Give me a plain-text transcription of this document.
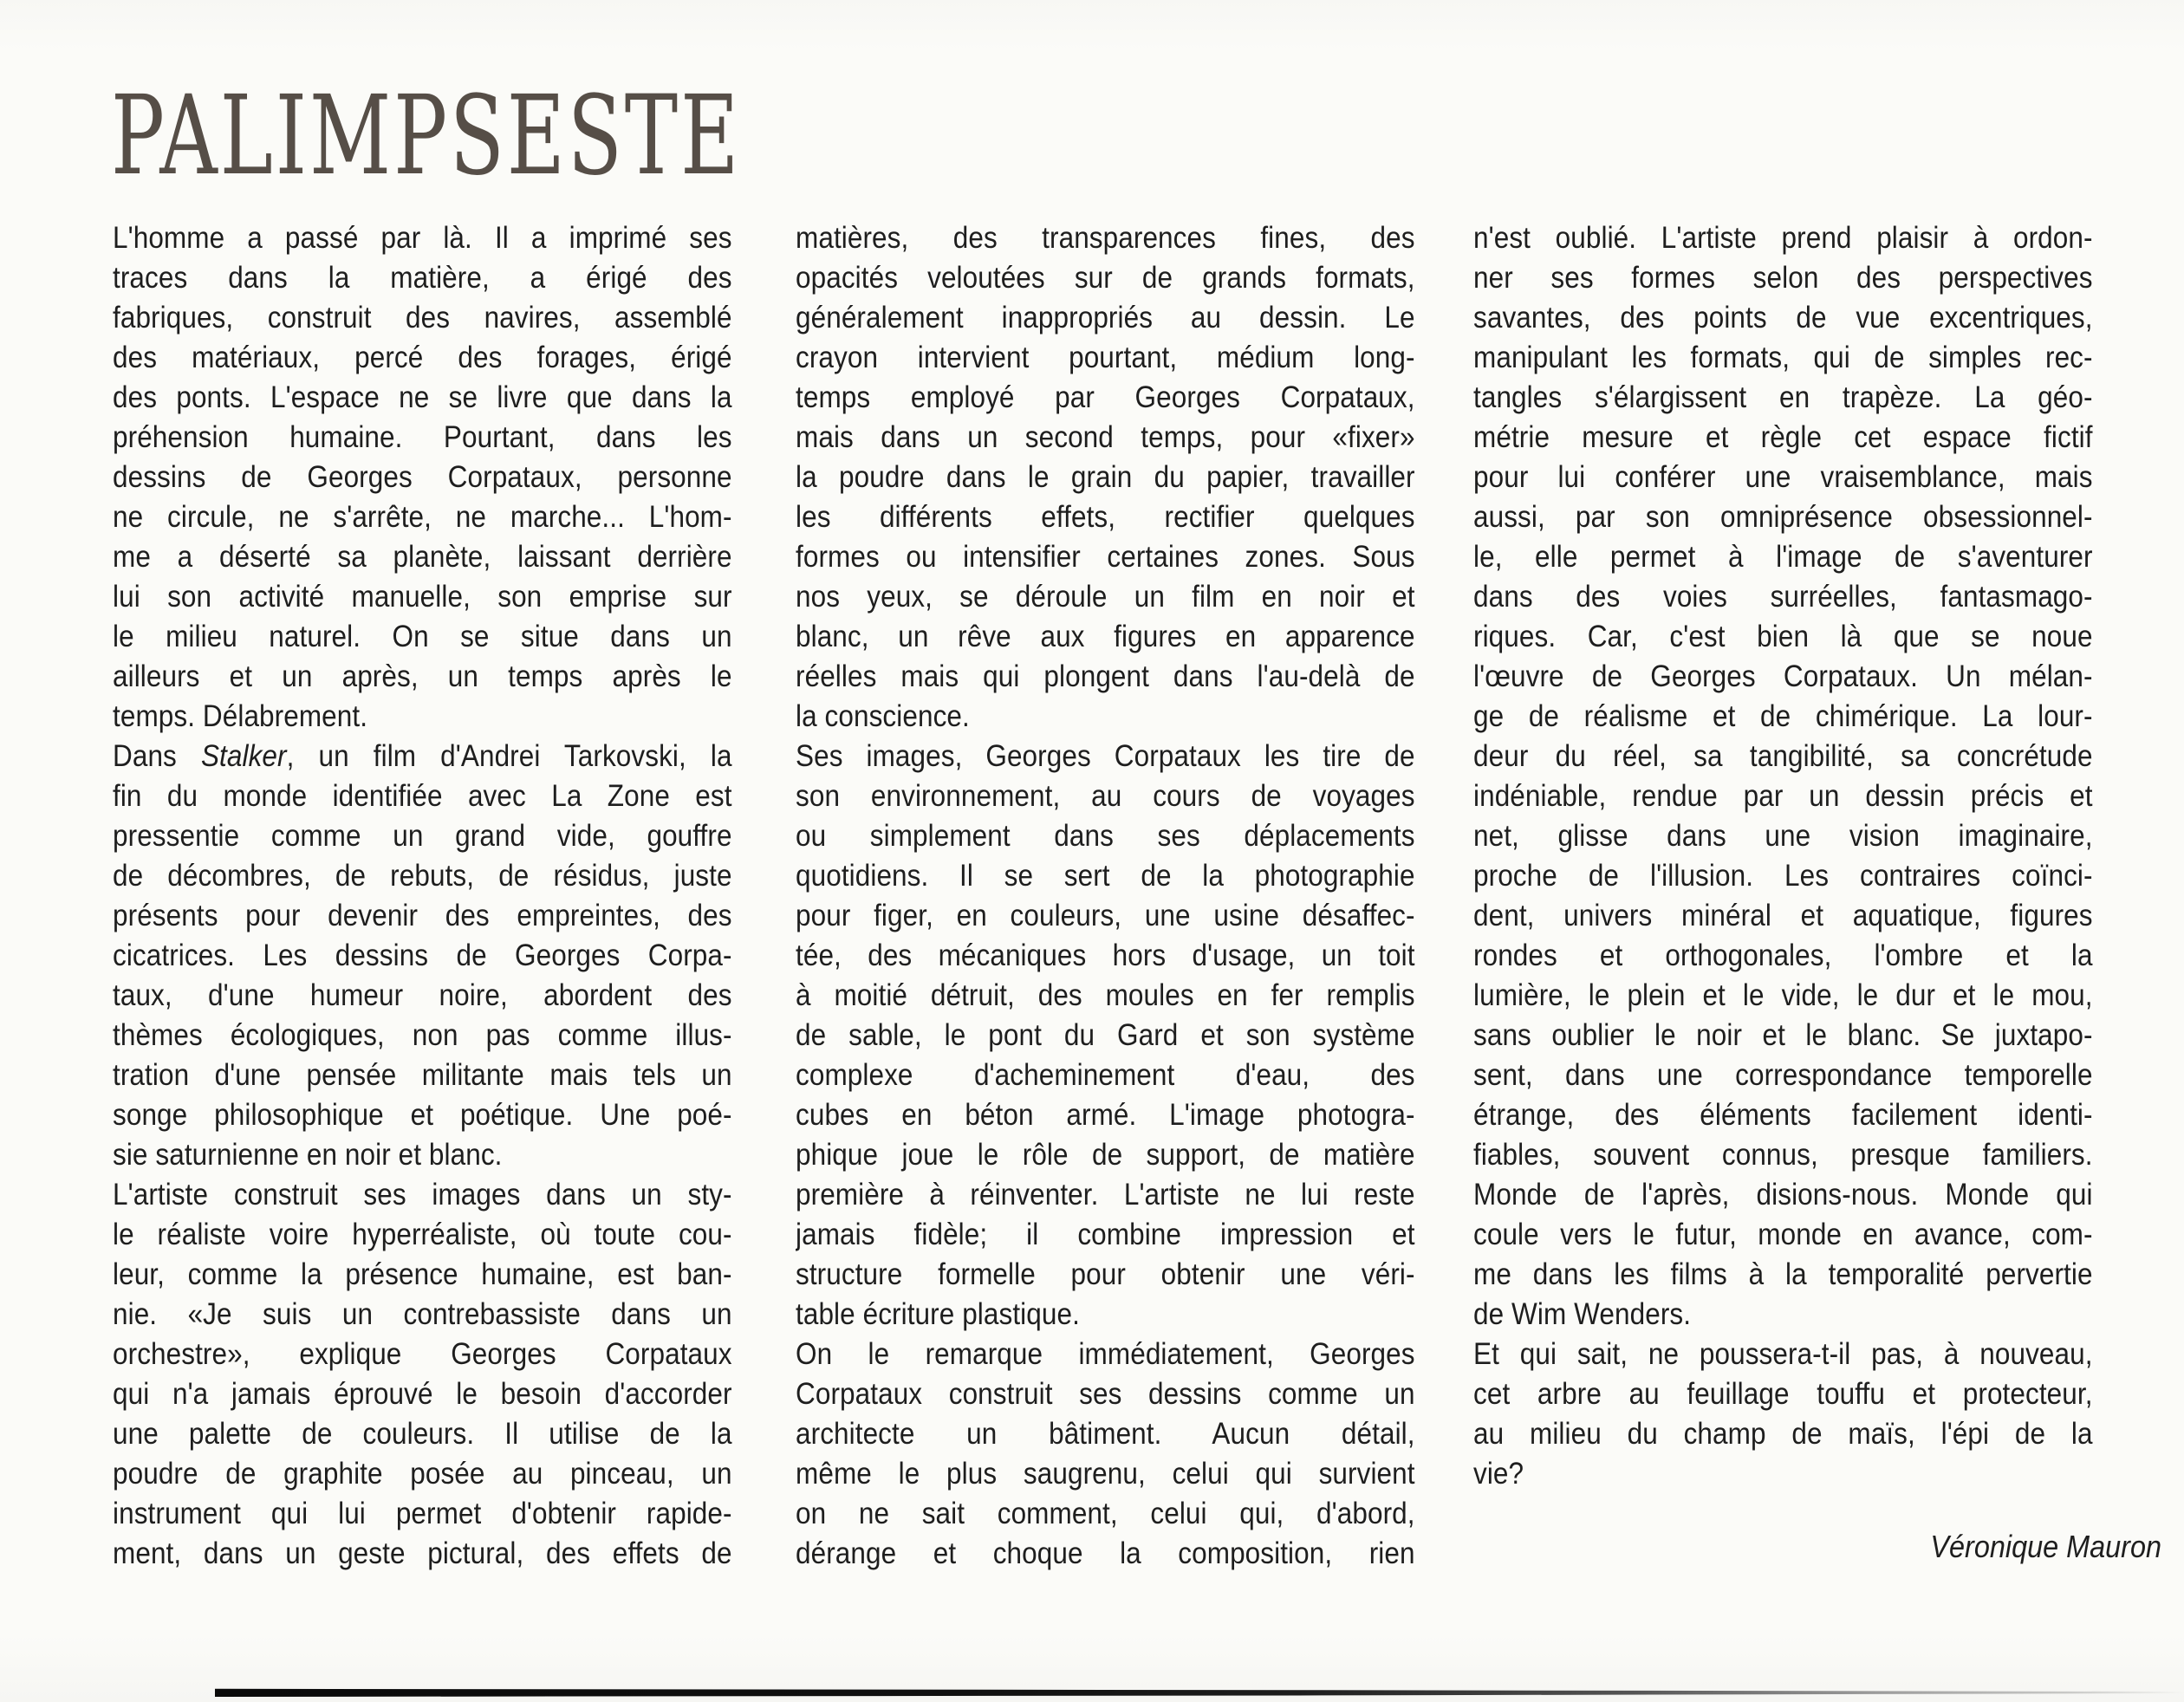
PALIMPSESTE
L'homme a passé par là. Il a imprimé ses
traces dans la matière, a érigé des
fabriques, construit des navires, assemblé
des matériaux, percé des forages, érigé
des ponts. L'espace ne se livre que dans la
préhension humaine. Pourtant, dans les
dessins de Georges Corpataux, personne
ne circule, ne s'arrête, ne marche... L'hom-
me a déserté sa planète, laissant derrière
lui son activité manuelle, son emprise sur
le milieu naturel. On se situe dans un
ailleurs et un après, un temps après le
temps. Délabrement.
Dans Stalker, un film d'Andrei Tarkovski, la
fin du monde identifiée avec La Zone est
pressentie comme un grand vide, gouffre
de décombres, de rebuts, de résidus, juste
présents pour devenir des empreintes, des
cicatrices. Les dessins de Georges Corpa-
taux, d'une humeur noire, abordent des
thèmes écologiques, non pas comme illus-
tration d'une pensée militante mais tels un
songe philosophique et poétique. Une poé-
sie saturnienne en noir et blanc.
L'artiste construit ses images dans un sty-
le réaliste voire hyperréaliste, où toute cou-
leur, comme la présence humaine, est ban-
nie. «Je suis un contrebassiste dans un
orchestre», explique Georges Corpataux
qui n'a jamais éprouvé le besoin d'accorder
une palette de couleurs. Il utilise de la
poudre de graphite posée au pinceau, un
instrument qui lui permet d'obtenir rapide-
ment, dans un geste pictural, des effets de
matières, des transparences fines, des
opacités veloutées sur de grands formats,
généralement inappropriés au dessin. Le
crayon intervient pourtant, médium long-
temps employé par Georges Corpataux,
mais dans un second temps, pour «fixer»
la poudre dans le grain du papier, travailler
les différents effets, rectifier quelques
formes ou intensifier certaines zones. Sous
nos yeux, se déroule un film en noir et
blanc, un rêve aux figures en apparence
réelles mais qui plongent dans l'au-delà de
la conscience.
Ses images, Georges Corpataux les tire de
son environnement, au cours de voyages
ou simplement dans ses déplacements
quotidiens. Il se sert de la photographie
pour figer, en couleurs, une usine désaffec-
tée, des mécaniques hors d'usage, un toit
à moitié détruit, des moules en fer remplis
de sable, le pont du Gard et son système
complexe d'acheminement d'eau, des
cubes en béton armé. L'image photogra-
phique joue le rôle de support, de matière
première à réinventer. L'artiste ne lui reste
jamais fidèle; il combine impression et
structure formelle pour obtenir une véri-
table écriture plastique.
On le remarque immédiatement, Georges
Corpataux construit ses dessins comme un
architecte un bâtiment. Aucun détail,
même le plus saugrenu, celui qui survient
on ne sait comment, celui qui, d'abord,
dérange et choque la composition, rien
n'est oublié. L'artiste prend plaisir à ordon-
ner ses formes selon des perspectives
savantes, des points de vue excentriques,
manipulant les formats, qui de simples rec-
tangles s'élargissent en trapèze. La géo-
métrie mesure et règle cet espace fictif
pour lui conférer une vraisemblance, mais
aussi, par son omniprésence obsessionnel-
le, elle permet à l'image de s'aventurer
dans des voies surréelles, fantasmago-
riques. Car, c'est bien là que se noue
l'œuvre de Georges Corpataux. Un mélan-
ge de réalisme et de chimérique. La lour-
deur du réel, sa tangibilité, sa concrétude
indéniable, rendue par un dessin précis et
net, glisse dans une vision imaginaire,
proche de l'illusion. Les contraires coïnci-
dent, univers minéral et aquatique, figures
rondes et orthogonales, l'ombre et la
lumière, le plein et le vide, le dur et le mou,
sans oublier le noir et le blanc. Se juxtapo-
sent, dans une correspondance temporelle
étrange, des éléments facilement identi-
fiables, souvent connus, presque familiers.
Monde de l'après, disions-nous. Monde qui
coule vers le futur, monde en avance, com-
me dans les films à la temporalité pervertie
de Wim Wenders.
Et qui sait, ne poussera-t-il pas, à nouveau,
cet arbre au feuillage touffu et protecteur,
au milieu du champ de maïs, l'épi de la
vie?
Véronique Mauron
